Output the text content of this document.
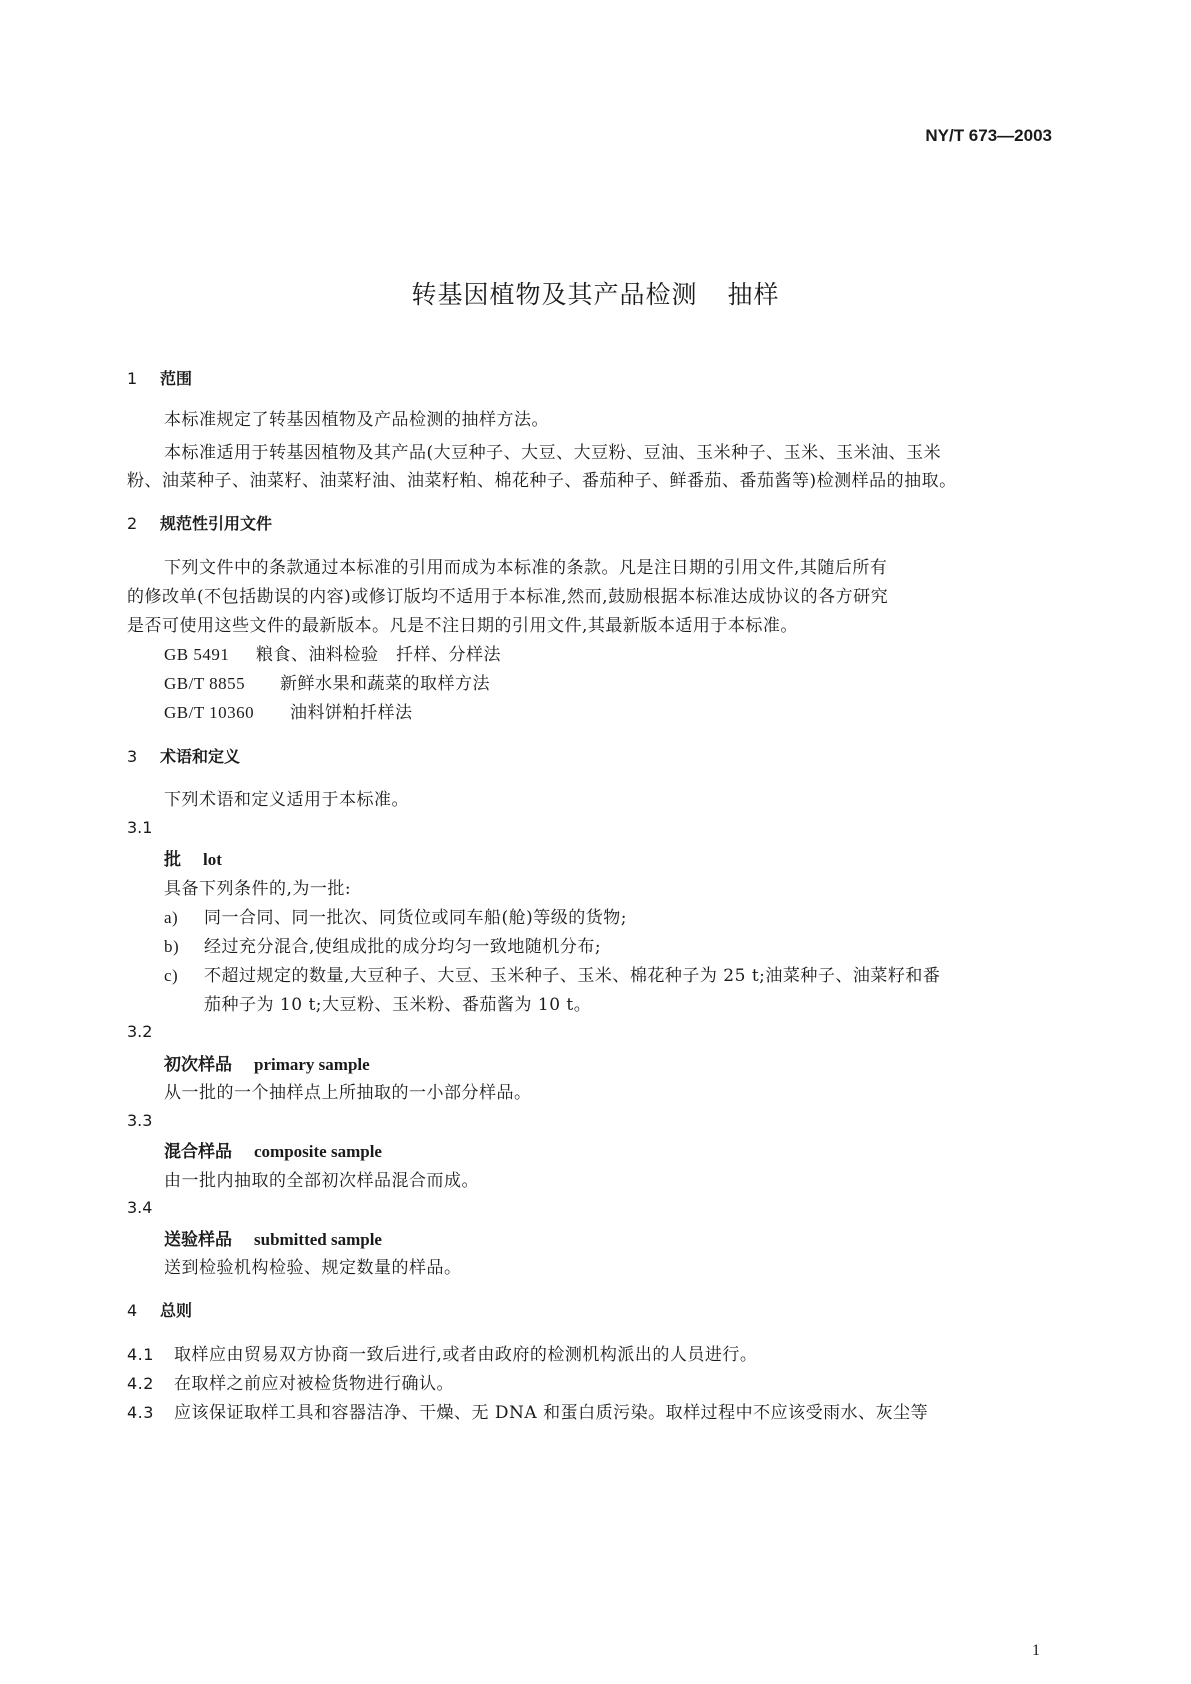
NY/T 673—2003
转基因植物及其产品检测 抽样
1 范围
本标准规定了转基因植物及产品检测的抽样方法。
本标准适用于转基因植物及其产品(大豆种子、大豆、大豆粉、豆油、玉米种子、玉米、玉米油、玉米
粉、油菜种子、油菜籽、油菜籽油、油菜籽粕、棉花种子、番茄种子、鲜番茄、番茄酱等)检测样品的抽取。
2 规范性引用文件
下列文件中的条款通过本标准的引用而成为本标准的条款。凡是注日期的引用文件,其随后所有
的修改单(不包括勘误的内容)或修订版均不适用于本标准,然而,鼓励根据本标准达成协议的各方研究
是否可使用这些文件的最新版本。凡是不注日期的引用文件,其最新版本适用于本标准。
GB 5491 粮食、油料检验　扦样、分样法
GB/T 8855 新鲜水果和蔬菜的取样方法
GB/T 10360 油料饼粕扦样法
3 术语和定义
下列术语和定义适用于本标准。
3.1
批 lot
具备下列条件的,为一批:
a) 同一合同、同一批次、同货位或同车船(舱)等级的货物;
b) 经过充分混合,使组成批的成分均匀一致地随机分布;
c) 不超过规定的数量,大豆种子、大豆、玉米种子、玉米、棉花种子为 25 t;油菜种子、油菜籽和番
茄种子为 10 t;大豆粉、玉米粉、番茄酱为 10 t。
3.2
初次样品 primary sample
从一批的一个抽样点上所抽取的一小部分样品。
3.3
混合样品 composite sample
由一批内抽取的全部初次样品混合而成。
3.4
送验样品 submitted sample
送到检验机构检验、规定数量的样品。
4 总则
4.1 取样应由贸易双方协商一致后进行,或者由政府的检测机构派出的人员进行。
4.2 在取样之前应对被检货物进行确认。
4.3 应该保证取样工具和容器洁净、干燥、无 DNA 和蛋白质污染。取样过程中不应该受雨水、灰尘等
1
